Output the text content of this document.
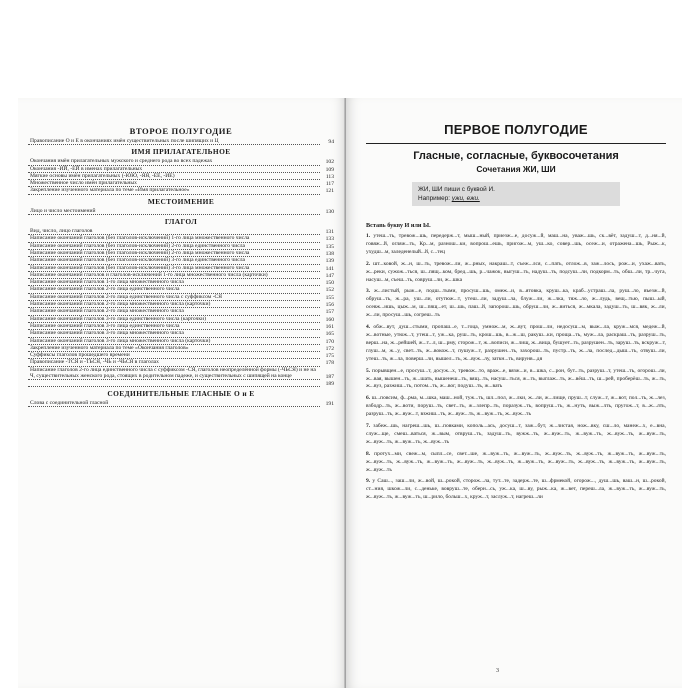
ВТОРОЕ ПОЛУГОДИЕ
Правописание О и Е в окончаниях имён существительных после шипящих и Ц	94
ИМЯ ПРИЛАГАТЕЛЬНОЕ
Окончания имён прилагательных мужского и среднего рода во всех падежах	102
Окончания -ИЙ, -ЕЙ в именах прилагательных	109
Мягкие основы имён прилагательных (-ЮЮ, -ЯЯ, -ЕЕ, -ИЕ)	113
Множественное число имён прилагательных	117
Закрепление изученного материала по теме «Имя прилагательное»	121
МЕСТОИМЕНИЕ
Лицо и число местоимений	130
ГЛАГОЛ
Вид, число, лицо глаголов	131
Написание окончаний глаголов (без глаголов-исключений) 1-го лица множественного числа	133
Написание окончаний глаголов (без глаголов-исключений) 2-го лица единственного числа	135
Написание окончаний глаголов (без глаголов-исключений) 2-го лица множественного числа	138
Написание окончаний глаголов (без глаголов-исключений) 3-го лица единственного числа	139
Написание окончаний глаголов (без глаголов-исключений) 3-го лица множественного числа	141
Написание окончаний глаголов и глаголов-исключений 1-го лица множественного числа (карточки)	147
Написание окончаний глаголов 1-го лица множественного числа	150
Написание окончаний глаголов 2-го лица единственного числа	152
Написание окончаний глаголов 2-го лица единственного числа с суффиксом -СЯ	155
Написание окончаний глаголов 2-го лица множественного числа (карточки)	156
Написание окончаний глаголов 2-го лица множественного числа	157
Написание окончаний глаголов 3-го лица единственного числа (карточки)	160
Написание окончаний глаголов 3-го лица единственного числа	161
Написание окончаний глаголов 3-го лица множественного числа	165
Написание окончаний глаголов 3-го лица множественного числа (карточки)	170
Закрепление изученного материала по теме «Окончания глаголов»	172
Суффиксы глаголов прошедшего времени	175
Правописание -ТСЯ и -ТЬСЯ, -ЧЬ и -ЧЬСЯ в глаголах	178
Написание глаголов 2-го лица единственного числа с суффиксом -СЯ, глаголов неопределённой формы (-ЧЬСЯ) и не на Ч, существительных женского рода, стоящих в родительном падеже, и существительных с шипящей на конце	187
189
СОЕДИНИТЕЛЬНЫЕ ГЛАСНЫЕ О и Е
Слова с соединительной гласной	191
ПЕРВОЕ ПОЛУГОДИЕ
Гласные, согласные, буквосочетания
Сочетания ЖИ, ШИ
ЖИ, ШИ пиши с буквой И.
Например: ужи, ежи.
Вставь букву И или Ы.
1. утеш...ть, тревож...шь, передерж...т, мыш...ный, приезж...е, досуж...й, маш...на, уваж...шь, ск...вёт, задуш...т, д...ня...й, говяж...й, огляж...ть, Кр...м, разнош...ки, вопрош...ешь, пригож...м, уш...ко, совер...шь, осеж...и, отражена...шь, Рыж...к, ухудш...м, заледенелый...й, с...тец
2. шт...ковой, ж...н, ш...ть, тревож...ли, ж...рных, накраш...т, съеж...лся, с...пать, отлож...в, заж...лось, рож...и, ухаж...вать, ж...реки, сужож...ться, ш...пящ...ком, бред...шь, р...чажок, выгуш...ть, надуш...ть, подсуш...ли, подкорм...ть, обш...ли, тр...чуга, насуш...м, съеш...ть, совруш...ли, ж...шка
3. ж...листый, рыж...е, подш...тыми, просуш...шь, омеж...и, в...ятовка, круш...ка, краб...устраш...ла, руш...ло, въезж...й, обруш...ть, ж...ра, уш...ли, отутюж...т, утеш...ли, задуш...ла, блуж...ли, ж...лка, тяж...ло, ж...лудь, вещ...тью, пыш...ый, осевж...ишь, цыж...м, ш...пящ...ет, ш...шь, паш...й, запорош...шь, обруш...ли, ж...виться, ж...мкала, задуш...ть, ш...вяк, ж...ли, ж...ли, просуш...шь, согреш...ть
4. обж...вут, душ...стыми, пропаш...е, т...гоца, умнож...м, ж...вут, прош...ли, недосуш...м, выж...ла, круж...мся, медеж...й, ж...вотные, утюж...т, утеш...т, уж...ка, руш...ть, крош...шь, в...ж...ш, ракуш...ки, проща...ть, муж...ла, раскраш...ть, разруш...ть, верш...на, ж...рейшей, ж...т...л, ш...рму, сторож...т, ж...вописи, ж...лищ, ж...вица, бушует...ть, разрушен...ть, заруш...ть, вскруж...т, глуш...м, ж...у, свет...ть, ж...вокож...т, пушуж...т, разрушен...ть, захорош...ть, пустр...ть, ж...ла, послед...дыш...ть, отвуш...ли, утеш...ть, ж...ла, поверш...ли, вышел...ть, ж...вуж...лу, заткн...ть, вирунв...дя
5. порывщен...е, просуш...т, досуж...х, тревож...то, враж...е, вязж...и, в...шка, с...рон, бут...ть, разруш...т, утеш...ть, огорош...ли, ж...вая, вышен...ть, ж...шать, вышенеш...ть, вящ...ть, насуш...ться, ж...ть, выглаж...ть, ж...вёш...ть, ш...рей, проберёш...ть, ж...ть, ж...вуз, разжиш...ть, потом...ть, ж...вог, подуш...ть, ж...вать
6. ш...повсим, ф...рма, м...шка, маш...ной, туж...ть, шл...пол, ж...лки, ж...ли, ж...лище, пруш...т, служ...т, ж...вот, пол...ть, ж...лез, взбодр...ть, ж...воти, поруш...ть, свет...ть, ж...злепр...ть, поразуж...ть, вопруш...ть, ж...нуть, выж...лть, пругож...т, в...ж...лть, разруш...ть, ж...вуж...т, взжиш...ть, ж...вуж...ть, ж...вуж...ть, ж...вуж...ть
7. забеж...шь, нагреш...шь, ш...повками, кополь...ась, досуш...т, заж...бут, ж...листая, нож...вку, сш...ло, манеж...х, е...вна, служ...ще, смеш...ваться, ж...вым, отвруш...ть, задуш...ть, вужж...ть, ж...вуж...ть, ж...вуж...ть, ж...вуж...ть, ж...вуж...ть, ж...вуж...ть, ж...вуж...ть, ж...вуж...ть
8. протух...ми, свеж...м, сыпл...се, свет...ше, ж...вуж...ть, ж...вуж...ть, ж...вуж...ть, ж...вуж...ть, ж...вуж...ть, ж...вуж...ть, ж...вуж...ть, ж...вуж...ть, ж...вуж...ть, ж...вуж...ть, ж...вуж...ть, ж...вуж...ть, ж...вуж...ть, ж...вуж...ть, ж...вуж...ть, ж...вуж...ть, ж...вуж...ть
9. у Саш..., заш...ли, ж...вой, ш...рокой, сторож...ла, тут...те, задерж...те, ш...фрмекой, огорож..., душ...шь, ваш...н, ш...рокой, ст...ния, шкож...ли, с...деньке, вовруш...те, оберн...сь, уж...ка, ш...ву, рыж...ка, ж...вет, переш...ла, ж...вуж...ть, ж...вуж...ть, ж...вуж...ть, ж...вуж...ть, ш...рило, больш...х, круж...т, заслуж...т, нагреш...ли
3
